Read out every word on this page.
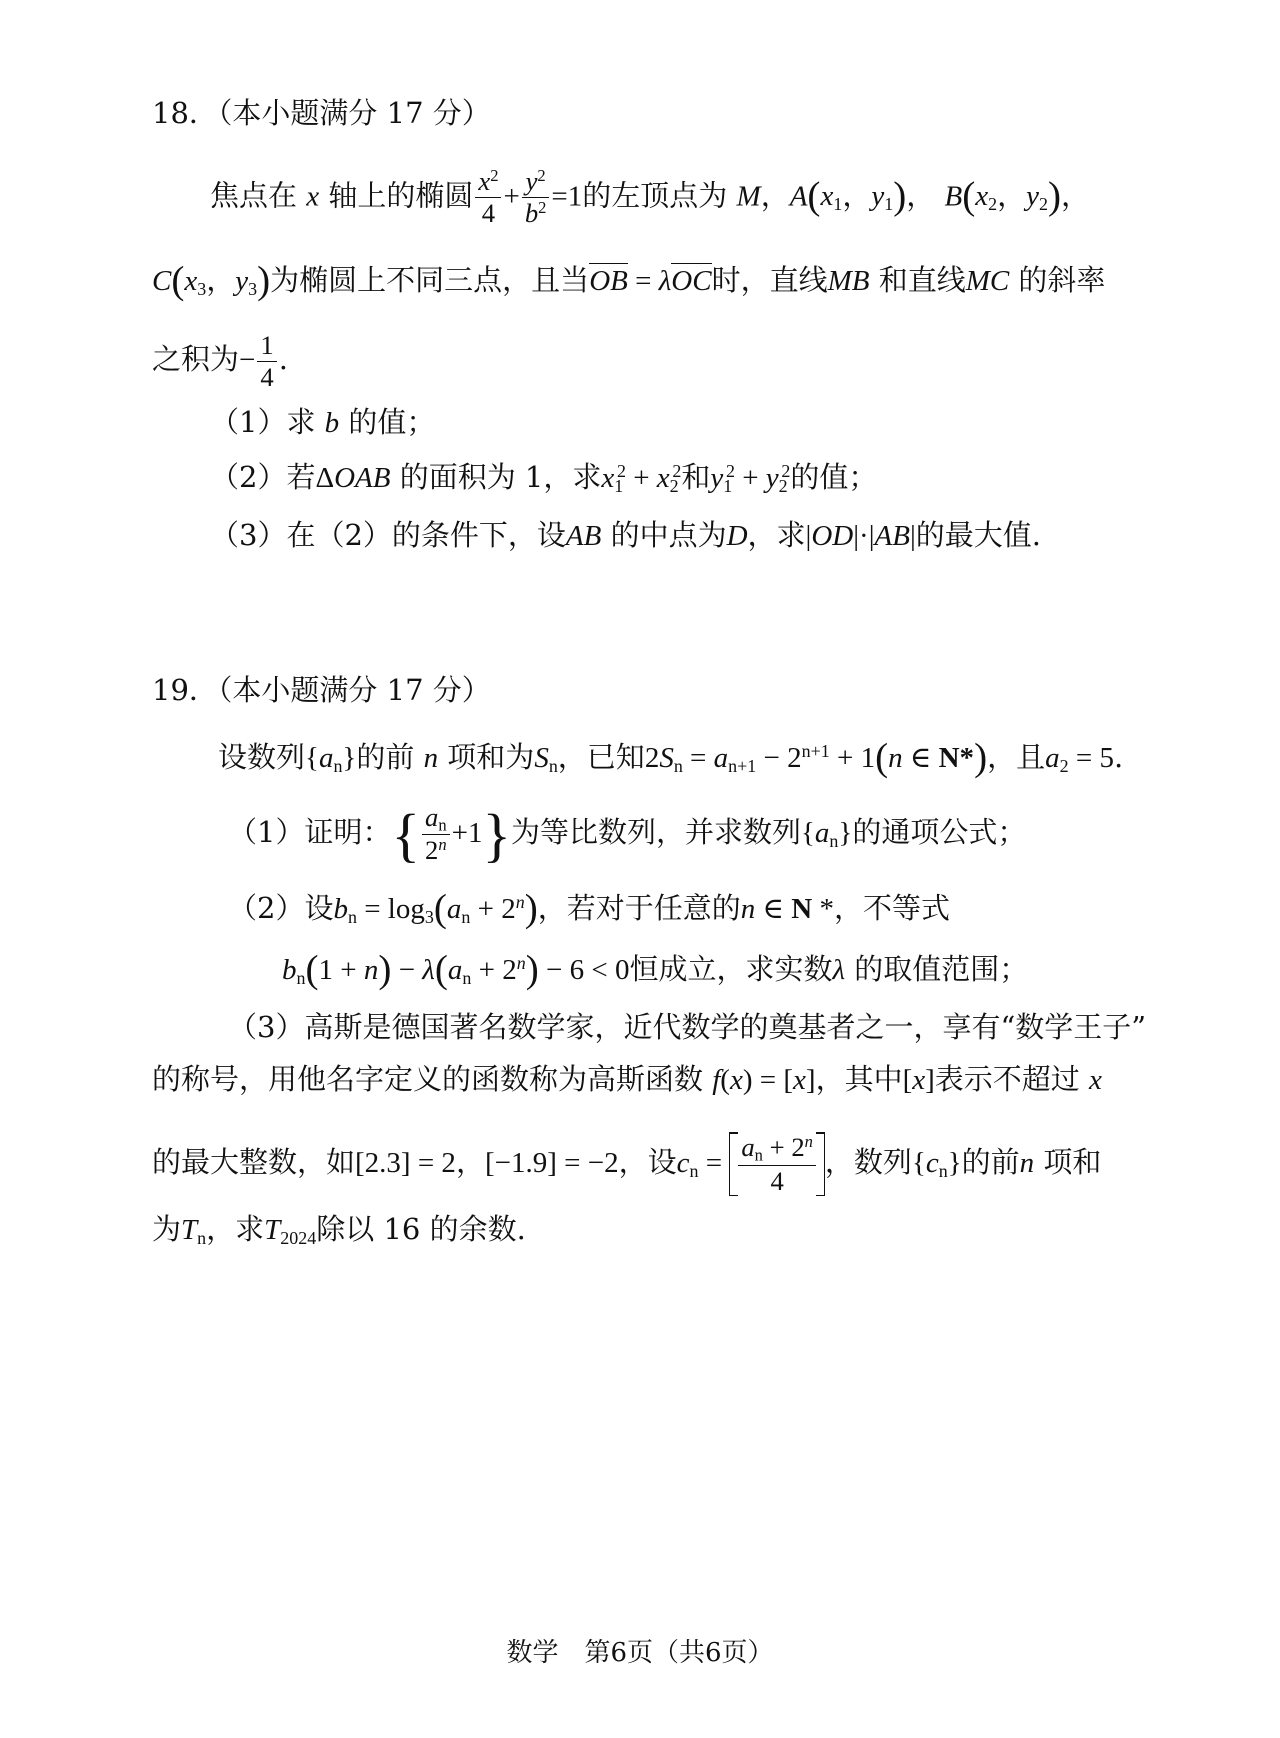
18．（本小题满分 17 分）
焦点在 x 轴上的椭圆 $\frac{x^2}{4} + \frac{y^2}{b^2} =1$的左顶点为 M，$A(x_1$，$y_1$)， $B(x_2$，$y_2$)，
$C(x_3$，$y_3$)为椭圆上不同三点，且当OB = λOC时，直线MB 和直线MC 的斜率
之积为− $\frac{1}{4}$ .
（1）求 b 的值；
（2）若ΔOAB 的面积为 1，求$x_1^2 + x_2^2$和$y_1^2 + y_2^2$的值；
（3）在（2）的条件下，设AB 的中点为D，求|OD|·|AB|的最大值.
19．（本小题满分 17 分）
设数列$\{a_n\}$的前 n 项和为$S_n$，已知$2S_n = a_{n+1} - 2^{n+1} + 1(n$ ∈ N*)，且$a_2 = 5$.
（1）证明：{ $\frac{a_n}{2^n} +1$}为等比数列，并求数列$\{a_n\}$的通项公式；
（2）设$b_n = \log_3(a_n + 2^n)$，若对于任意的n ∈ N *，不等式
$b_n(1 + n) - \lambda(a_n + 2^n) - 6 < 0$恒成立，求实数λ 的取值范围；
（3）高斯是德国著名数学家，近代数学的奠基者之一，享有“数学王子”
的称号，用他名字定义的函数称为高斯函数 f(x) = [x]，其中[x]表示不超过 x
的最大整数，如[2.3] = 2，[−1.9] = −2，设$c_n = \frac{a_n + 2^n}{4}$ ，数列$\{c_n\}$的前n 项和
为$T_n$，求$T_{2024}$除以 16 的余数.
数学　第6页（共6页）
